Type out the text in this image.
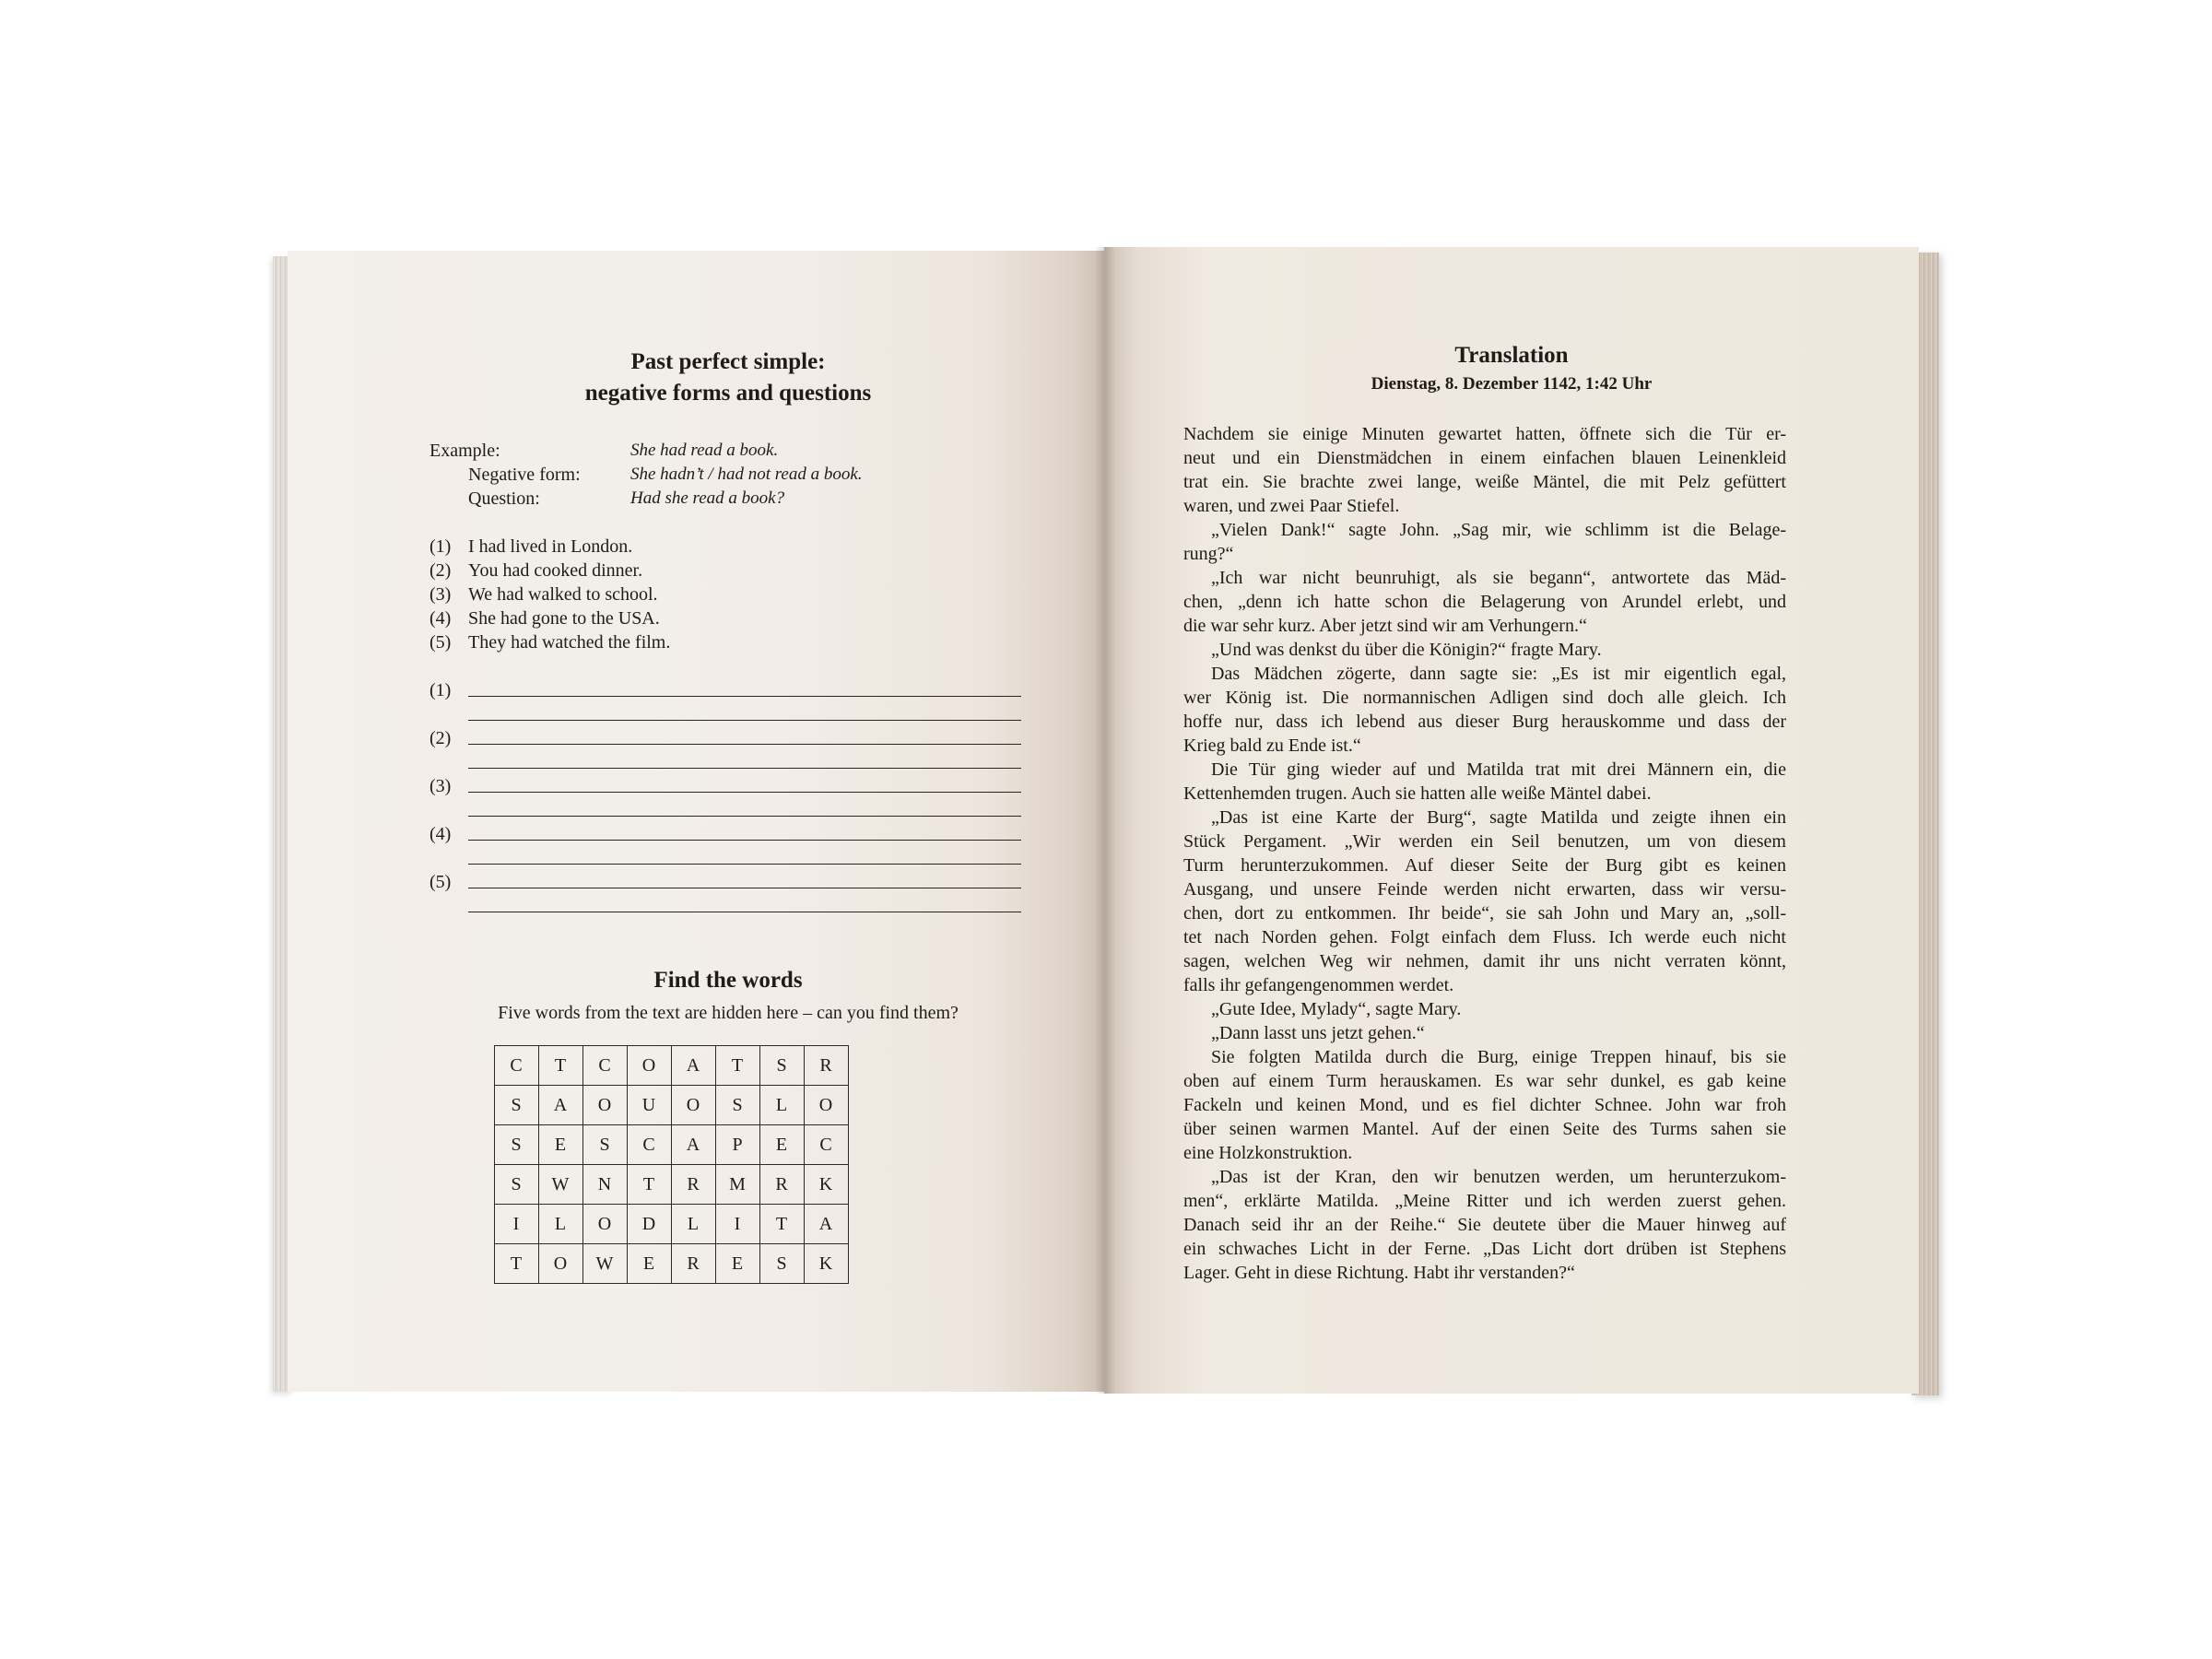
Past perfect simple:
negative forms and questions
Example:	She had read a book.
Negative form:	She hadn’t / had not read a book.
Question:	Had she read a book?
(1) I had lived in London.
(2) You had cooked dinner.
(3) We had walked to school.
(4) She had gone to the USA.
(5) They had watched the film.
(1)
(2)
(3)
(4)
(5)
Find the words
Five words from the text are hidden here – can you find them?
C	T	C	O	A	T	S	R
S	A	O	U	O	S	L	O
S	E	S	C	A	P	E	C
S	W	N	T	R	M	R	K
I	L	O	D	L	I	T	A
T	O	W	E	R	E	S	K
Translation
Dienstag, 8. Dezember 1142, 1:42 Uhr
Nachdem sie einige Minuten gewartet hatten, öffnete sich die Tür er-
neut und ein Dienstmädchen in einem einfachen blauen Leinenkleid
trat ein. Sie brachte zwei lange, weiße Mäntel, die mit Pelz gefüttert
waren, und zwei Paar Stiefel.
„Vielen Dank!“ sagte John. „Sag mir, wie schlimm ist die Belage-
rung?“
„Ich war nicht beunruhigt, als sie begann“, antwortete das Mäd-
chen, „denn ich hatte schon die Belagerung von Arundel erlebt, und
die war sehr kurz. Aber jetzt sind wir am Verhungern.“
„Und was denkst du über die Königin?“ fragte Mary.
Das Mädchen zögerte, dann sagte sie: „Es ist mir eigentlich egal,
wer König ist. Die normannischen Adligen sind doch alle gleich. Ich
hoffe nur, dass ich lebend aus dieser Burg herauskomme und dass der
Krieg bald zu Ende ist.“
Die Tür ging wieder auf und Matilda trat mit drei Männern ein, die
Kettenhemden trugen. Auch sie hatten alle weiße Mäntel dabei.
„Das ist eine Karte der Burg“, sagte Matilda und zeigte ihnen ein
Stück Pergament. „Wir werden ein Seil benutzen, um von diesem
Turm herunterzukommen. Auf dieser Seite der Burg gibt es keinen
Ausgang, und unsere Feinde werden nicht erwarten, dass wir versu-
chen, dort zu entkommen. Ihr beide“, sie sah John und Mary an, „soll-
tet nach Norden gehen. Folgt einfach dem Fluss. Ich werde euch nicht
sagen, welchen Weg wir nehmen, damit ihr uns nicht verraten könnt,
falls ihr gefangengenommen werdet.
„Gute Idee, Mylady“, sagte Mary.
„Dann lasst uns jetzt gehen.“
Sie folgten Matilda durch die Burg, einige Treppen hinauf, bis sie
oben auf einem Turm herauskamen. Es war sehr dunkel, es gab keine
Fackeln und keinen Mond, und es fiel dichter Schnee. John war froh
über seinen warmen Mantel. Auf der einen Seite des Turms sahen sie
eine Holzkonstruktion.
„Das ist der Kran, den wir benutzen werden, um herunterzukom-
men“, erklärte Matilda. „Meine Ritter und ich werden zuerst gehen.
Danach seid ihr an der Reihe.“ Sie deutete über die Mauer hinweg auf
ein schwaches Licht in der Ferne. „Das Licht dort drüben ist Stephens
Lager. Geht in diese Richtung. Habt ihr verstanden?“
